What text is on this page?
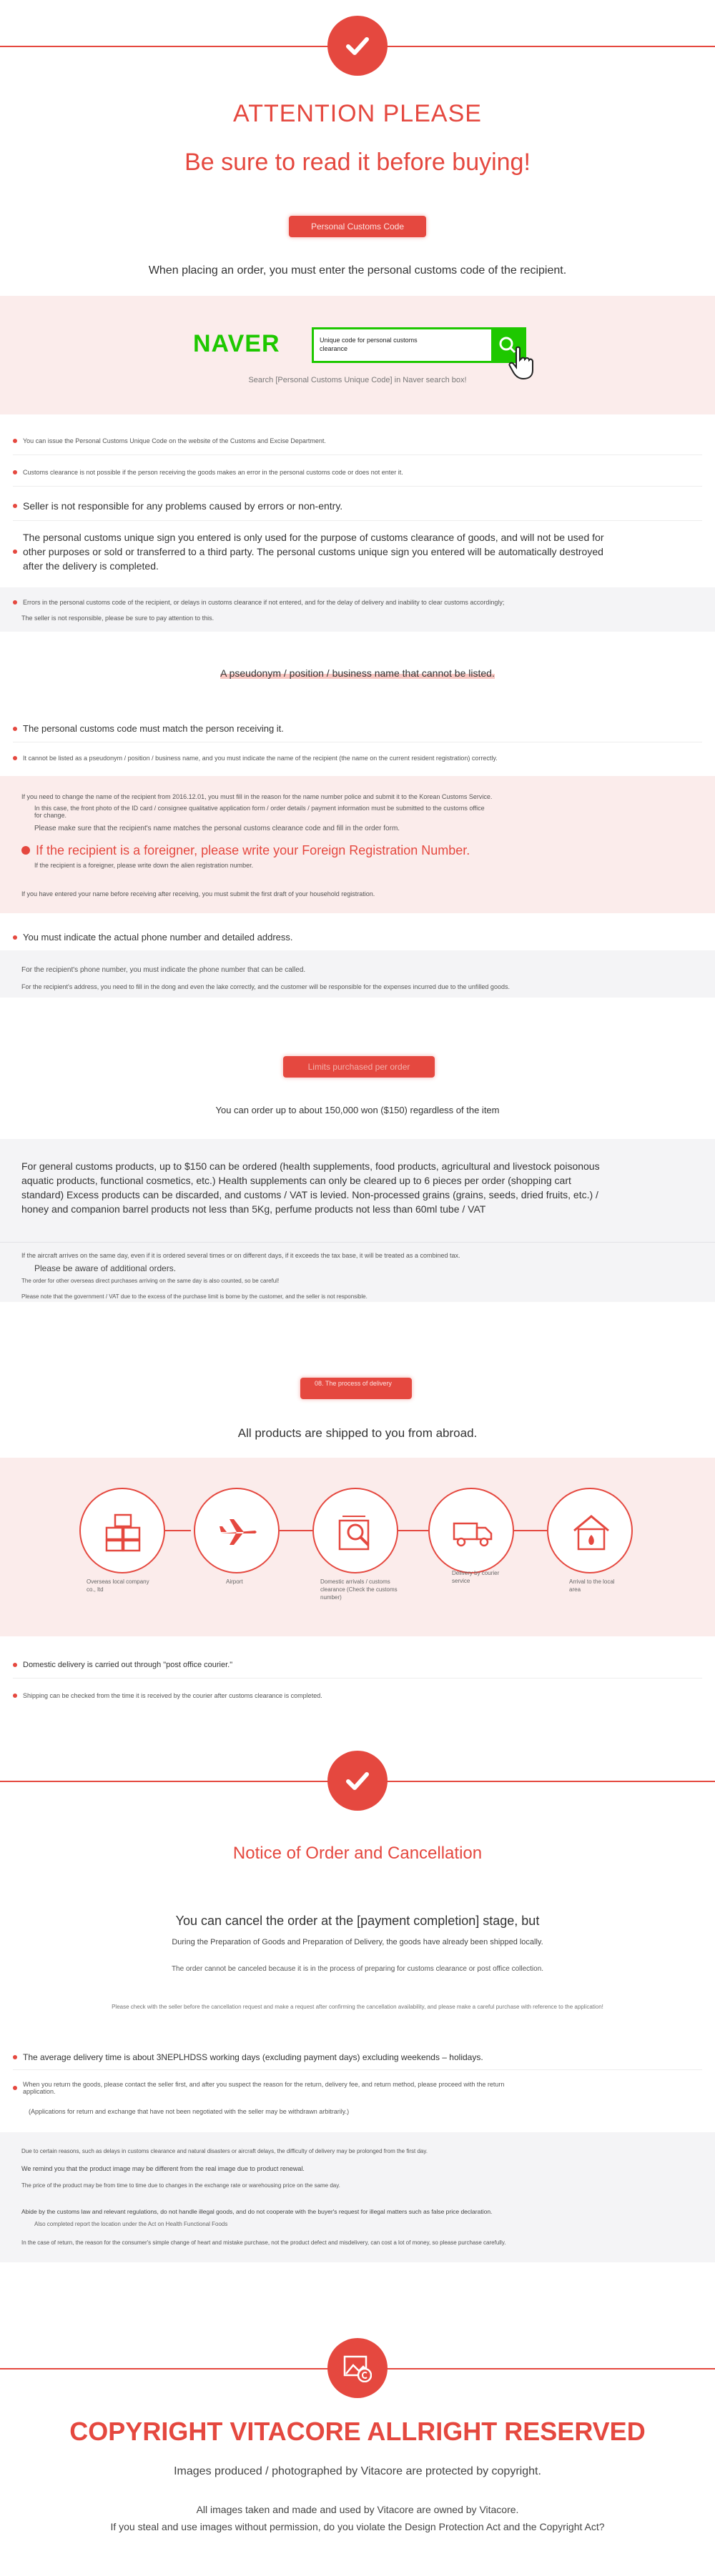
ATTENTION PLEASE
Be sure to read it before buying!
Personal Customs Code
When placing an order, you must enter the personal customs code of the recipient.
NAVER	Unique code for personal customs clearance
Search [Personal Customs Unique Code] in Naver search box!
You can issue the Personal Customs Unique Code on the website of the Customs and Excise Department.
Customs clearance is not possible if the person receiving the goods makes an error in the personal customs code or does not enter it.
Seller is not responsible for any problems caused by errors or non-entry.
The personal customs unique sign you entered is only used for the purpose of customs clearance of goods, and will not be used for other purposes or sold or transferred to a third party. The personal customs unique sign you entered will be automatically destroyed after the delivery is completed.
Errors in the personal customs code of the recipient, or delays in customs clearance if not entered, and for the delay of delivery and inability to clear customs accordingly;
The seller is not responsible, please be sure to pay attention to this.
A pseudonym / position / business name that cannot be listed.
The personal customs code must match the person receiving it.
It cannot be listed as a pseudonym / position / business name, and you must indicate the name of the recipient (the name on the current resident registration) correctly.
If you need to change the name of the recipient from 2016.12.01, you must fill in the reason for the name number police and submit it to the Korean Customs Service.
In this case, the front photo of the ID card / consignee qualitative application form / order details / payment information must be submitted to the customs office for change.
Please make sure that the recipient's name matches the personal customs clearance code and fill in the order form.
If the recipient is a foreigner, please write your Foreign Registration Number.
If the recipient is a foreigner, please write down the alien registration number.
If you have entered your name before receiving after receiving, you must submit the first draft of your household registration.
You must indicate the actual phone number and detailed address.
For the recipient's phone number, you must indicate the phone number that can be called.
For the recipient's address, you need to fill in the dong and even the lake correctly, and the customer will be responsible for the expenses incurred due to the unfilled goods.
Limits purchased per order
You can order up to about 150,000 won ($150) regardless of the item
For general customs products, up to $150 can be ordered (health supplements, food products, agricultural and livestock poisonous aquatic products, functional cosmetics, etc.) Health supplements can only be cleared up to 6 pieces per order (shopping cart standard) Excess products can be discarded, and customs / VAT is levied. Non-processed grains (grains, seeds, dried fruits, etc.) / honey and companion barrel products not less than 5Kg, perfume products not less than 60ml tube / VAT
If the aircraft arrives on the same day, even if it is ordered several times or on different days, if it exceeds the tax base, it will be treated as a combined tax.
Please be aware of additional orders.
The order for other overseas direct purchases arriving on the same day is also counted, so be careful!
Please note that the government / VAT due to the excess of the purchase limit is borne by the customer, and the seller is not responsible.
08. The process of delivery
All products are shipped to you from abroad.
Overseas local company co., ltd
Airport	Domestic arrivals / customs clearance (Check the customs number)
Delivery by courier service	Arrival to the local area
Domestic delivery is carried out through "post office courier."
Shipping can be checked from the time it is received by the courier after customs clearance is completed.
Notice of Order and Cancellation
You can cancel the order at the [payment completion] stage, but
During the Preparation of Goods and Preparation of Delivery, the goods have already been shipped locally.
The order cannot be canceled because it is in the process of preparing for customs clearance or post office collection.
Please check with the seller before the cancellation request and make a request after confirming the cancellation availability, and please make a careful purchase with reference to the application!
The average delivery time is about 3NEPLHDSS working days (excluding payment days) excluding weekends – holidays.
When you return the goods, please contact the seller first, and after you suspect the reason for the return, delivery fee, and return method, please proceed with the return application.
(Applications for return and exchange that have not been negotiated with the seller may be withdrawn arbitrarily.)
Due to certain reasons, such as delays in customs clearance and natural disasters or aircraft delays, the difficulty of delivery may be prolonged from the first day.
We remind you that the product image may be different from the real image due to product renewal.
The price of the product may be from time to time due to changes in the exchange rate or warehousing price on the same day.
Abide by the customs law and relevant regulations, do not handle illegal goods, and do not cooperate with the buyer's request for illegal matters such as false price declaration.
Also completed report the location under the Act on Health Functional Foods
In the case of return, the reason for the consumer's simple change of heart and mistake purchase, not the product defect and misdelivery, can cost a lot of money, so please purchase carefully.
COPYRIGHT VITACORE ALLRIGHT RESERVED
Images produced / photographed by Vitacore are protected by copyright.
All images taken and made and used by Vitacore are owned by Vitacore.
If you steal and use images without permission, do you violate the Design Protection Act and the Copyright Act?
